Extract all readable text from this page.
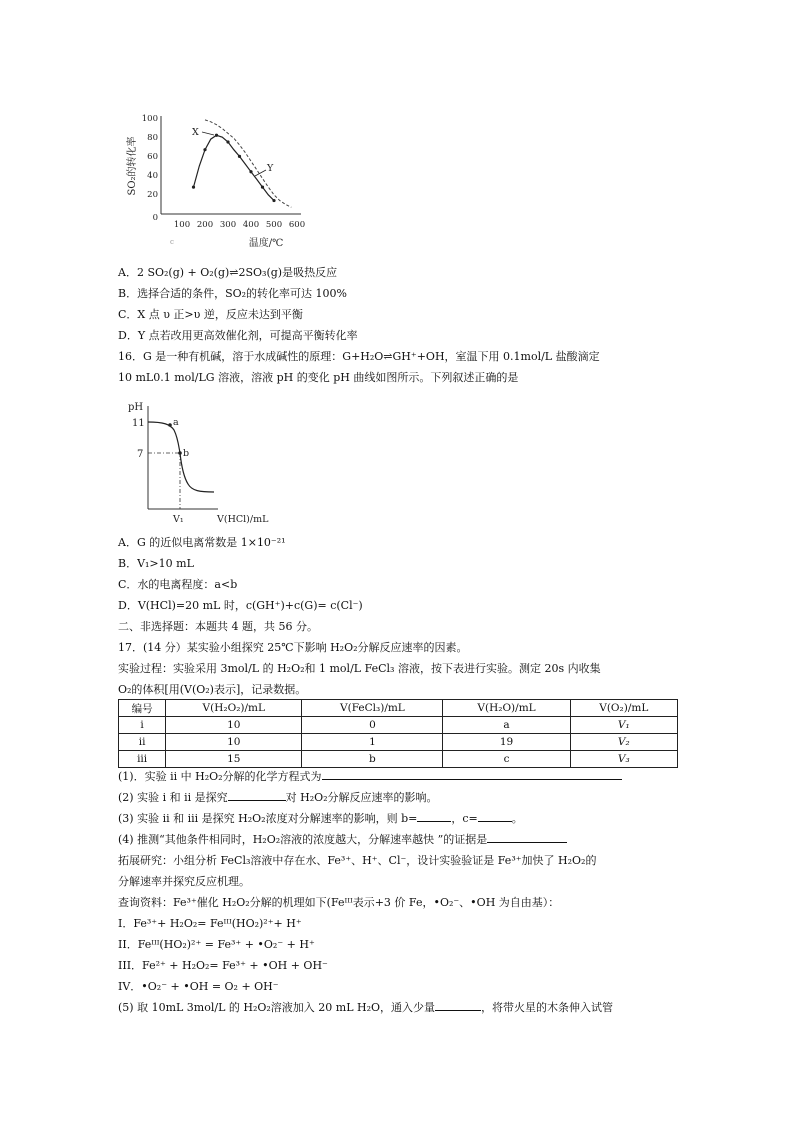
SO₂的转化率
100
80
60
40
20
0
100 200 300 400 500 600
c	温度/℃
X
Y
A．2 SO₂(g) + O₂(g)⇌2SO₃(g)是吸热反应
B．选择合适的条件，SO₂的转化率可达 100%
C．X 点 υ 正>υ 逆，反应未达到平衡
D．Y 点若改用更高效催化剂，可提高平衡转化率
16．G 是一种有机碱，溶于水成碱性的原理：G+H₂O⇌GH⁺+OH，室温下用 0.1mol/L 盐酸滴定
10 mL0.1 mol/LG 溶液，溶液 pH 的变化 pH 曲线如图所示。下列叙述正确的是
pH
11
7
a
b
V₁	V(HCl)/mL
A．G 的近似电离常数是 1×10⁻²¹
B．V₁>10 mL
C．水的电离程度：a<b
D．V(HCl)=20 mL 时，c(GH⁺)+c(G)= c(Cl⁻)
二、非选择题：本题共 4 题，共 56 分。
17．(14 分）某实验小组探究 25℃下影响 H₂O₂分解反应速率的因素。
实验过程：实验采用 3mol/L 的 H₂O₂和 1 mol/L FeCl₃ 溶液，按下表进行实验。测定 20s 内收集
O₂的体积[用(V(O₂)表示]，记录数据。
编号	V(H₂O₂)/mL	V(FeCl₃)/mL	V(H₂O)/mL	V(O₂)/mL
i	10	0	a	V₁
ii	10	1	19	V₂
iii	15	b	c	V₃
(1)．实验 ii 中 H₂O₂分解的化学方程式为
(2) 实验 i 和 ii 是探究	对 H₂O₂分解反应速率的影响。
(3) 实验 ii 和 iii 是探究 H₂O₂浓度对分解速率的影响，则 b=	，c=	。
(4) 推测“其他条件相同时，H₂O₂溶液的浓度越大，分解速率越快 ”的证据是
拓展研究：小组分析 FeCl₃溶液中存在水、Fe³⁺、H⁺、Cl⁻，设计实验验证是 Fe³⁺加快了 H₂O₂的
分解速率并探究反应机理。
查询资料：Fe³⁺催化 H₂O₂分解的机理如下(Feᴵᴵᴵ表示+3 价 Fe，•O₂⁻、•OH 为自由基）：
I．Fe³⁺+ H₂O₂= Feᴵᴵᴵ(HO₂)²⁺+ H⁺
II．Feᴵᴵᴵ(HO₂)²⁺ = Fe³⁺ + •O₂⁻ + H⁺
III．Fe²⁺ + H₂O₂= Fe³⁺ + •OH + OH⁻
IV．•O₂⁻ + •OH = O₂ + OH⁻
(5) 取 10mL 3mol/L 的 H₂O₂溶液加入 20 mL H₂O，通入少量	，将带火星的木条伸入试管
